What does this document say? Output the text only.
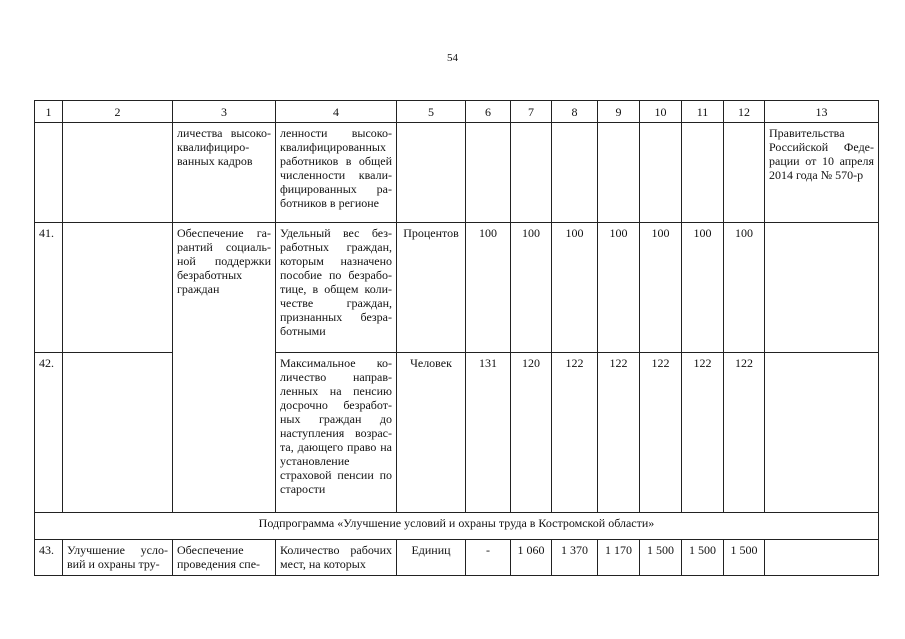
54
1	2	3	4	5	6	7	8	9	10	11	12	13
		личества высококвалифицированных кадров	ленности высококвалифицированных работников в общей численности квалифицированных работников в регионе									Правительства Российской Федерации от 10 апреля 2014 года № 570-р
41.		Обеспечение гарантий социальной поддержки безработных граждан	Удельный вес безработных граждан, которым назначено пособие по безработице, в общем количестве граждан, признанных безработными	Процентов	100	100	100	100	100	100	100	
42.			Максимальное количество направленных на пенсию досрочно безработных граждан до наступления возраста, дающего право на установление страховой пенсии по старости	Человек	131	120	122	122	122	122	122	
Подпрограмма «Улучшение условий и охраны труда в Костромской области»												
43.	Улучшение условий и охраны тру-	Обеспечение проведения спе-	Количество рабочих мест, на которых	Единиц	-	1 060	1 370	1 170	1 500	1 500	1 500	
